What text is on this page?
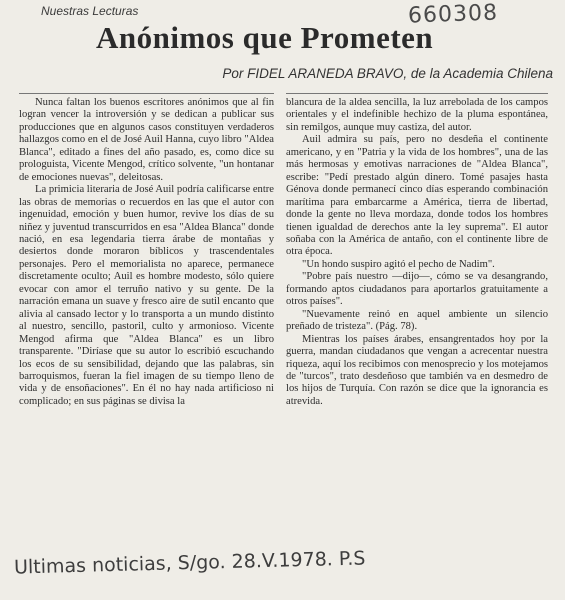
Nuestras Lecturas	660308
Anónimos que Prometen
Por FIDEL ARANEDA BRAVO, de la Academia Chilena

Nunca faltan los buenos escritores anónimos que al fin logran vencer la introversión y se dedican a publicar sus producciones que en algunos casos constituyen verdaderos hallazgos como en el de José Auil Hanna, cuyo libro "Aldea Blanca", editado a fines del año pasado, es, como dice su prologuista, Vicente Mengod, crítico solvente, "un hontanar de emociones nuevas", deleitosas.

La primicia literaria de José Auil podría calificarse entre las obras de memorias o recuerdos en las que el autor con ingenuidad, emoción y buen humor, revive los días de su niñez y juventud transcurridos en esa "Aldea Blanca" donde nació, en esa legendaria tierra árabe de montañas y desiertos donde moraron bíblicos y trascendentales personajes. Pero el memorialista no aparece, permanece discretamente oculto; Auil es hombre modesto, sólo quiere evocar con amor el terruño nativo y su gente. De la narración emana un suave y fresco aire de sutil encanto que alivia al cansado lector y lo transporta a un mundo distinto al nuestro, sencillo, pastoril, culto y armonioso. Vicente Mengod afirma que "Aldea Blanca" es un libro transparente. "Diríase que su autor lo escribió escuchando los ecos de su sensibilidad, dejando que las palabras, sin barroquismos, fueran la fiel imagen de su tiempo lleno de vida y de ensoñaciones". En él no hay nada artificioso ni complicado; en sus páginas se divisa la

blancura de la aldea sencilla, la luz arrebolada de los campos orientales y el indefinible hechizo de la pluma espontánea, sin remilgos, aunque muy castiza, del autor.

Auil admira su país, pero no desdeña el continente americano, y en "Patria y la vida de los hombres", una de las más hermosas y emotivas narraciones de "Aldea Blanca", escribe: "Pedí prestado algún dinero. Tomé pasajes hasta Génova donde permanecí cinco días esperando combinación marítima para embarcarme a América, tierra de libertad, donde la gente no lleva mordaza, donde todos los hombres tienen igualdad de derechos ante la ley suprema". El autor soñaba con la América de antaño, con el continente libre de otra época.

"Un hondo suspiro agitó el pecho de Nadim".

"Pobre país nuestro —dijo—, cómo se va desangrando, formando aptos ciudadanos para aportarlos gratuitamente a otros países".

"Nuevamente reinó en aquel ambiente un silencio preñado de tristeza". (Pág. 78).

Mientras los países árabes, ensangrentados hoy por la guerra, mandan ciudadanos que vengan a acrecentar nuestra riqueza, aquí los recibimos con menosprecio y los motejamos de "turcos", trato desdeñoso que también va en desmedro de los hijos de Turquía. Con razón se dice que la ignorancia es atrevida.

Ultimas noticias, S/go. 28.V.1978. P.S
